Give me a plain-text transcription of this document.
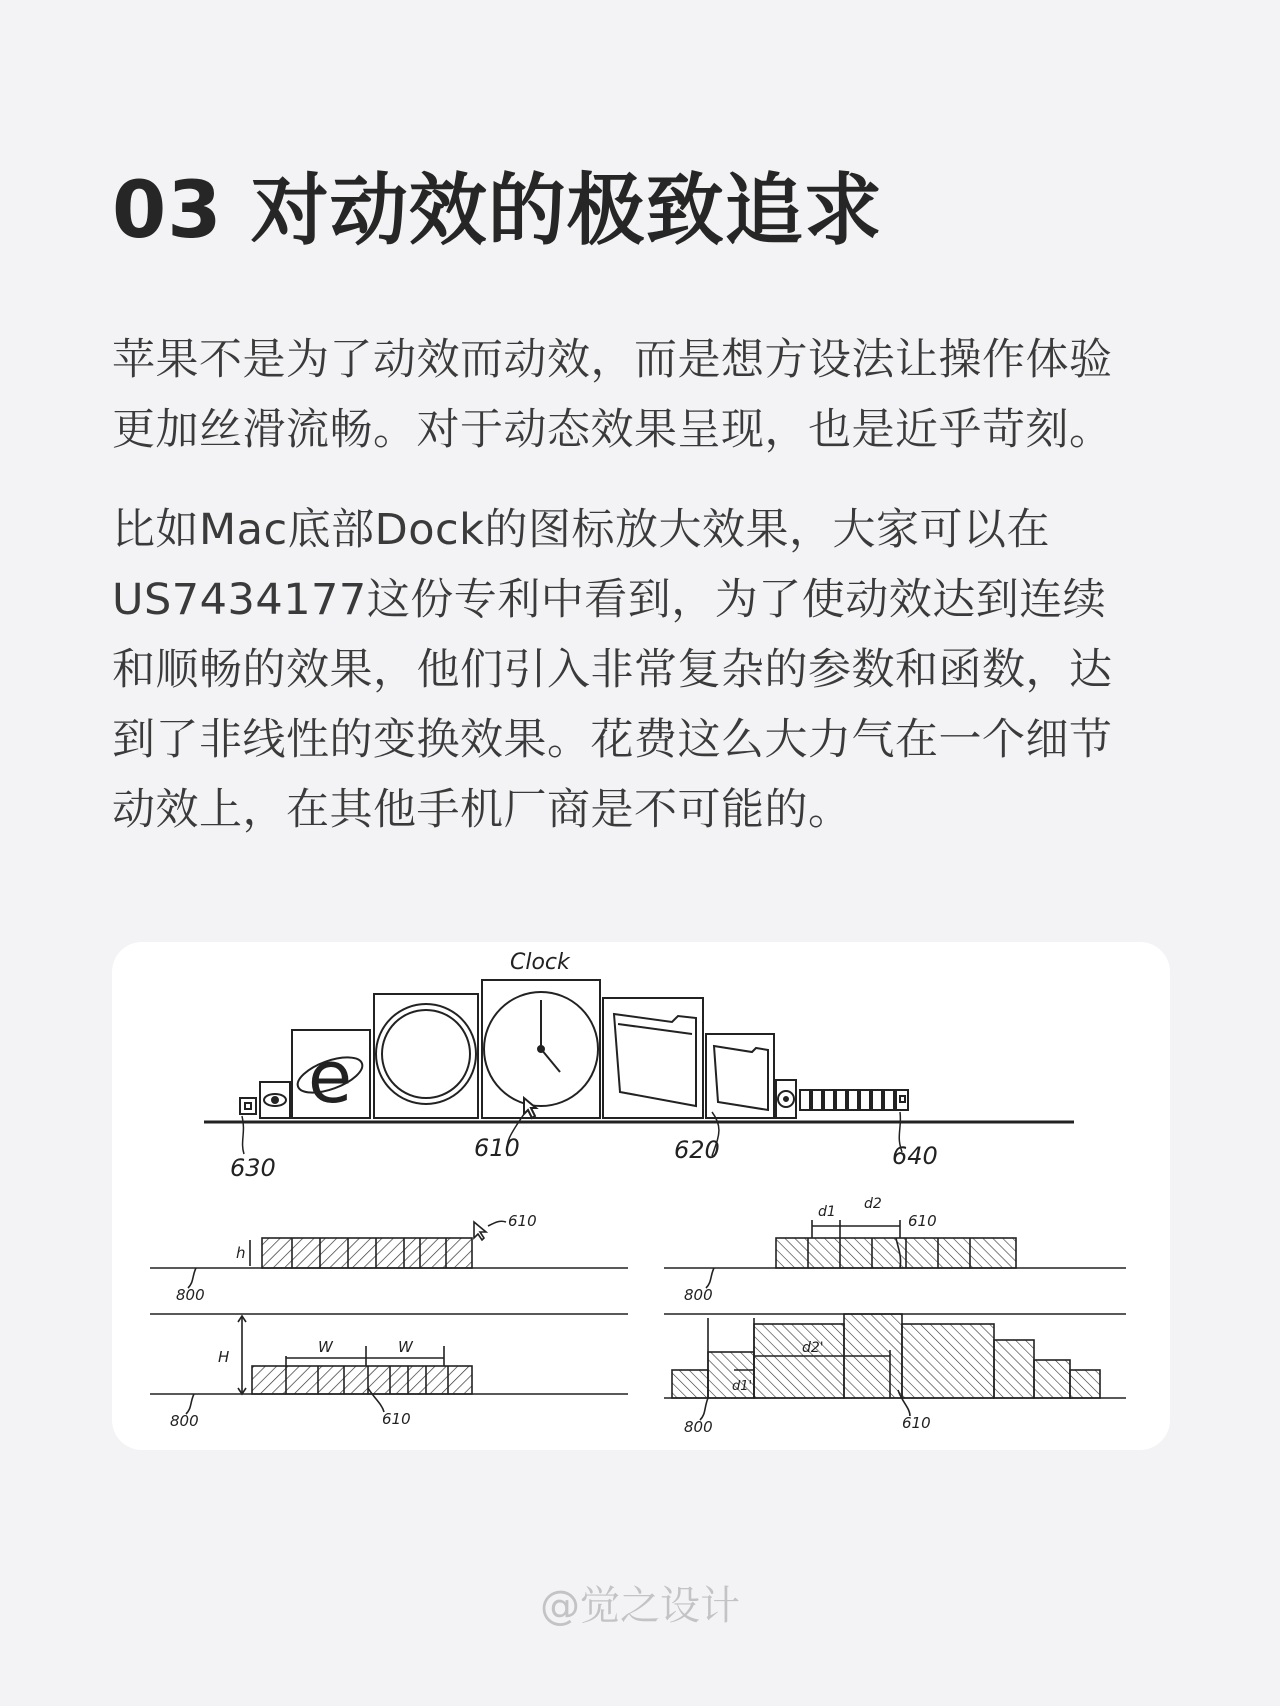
03 对动效的极致追求

苹果不是为了动效而动效，而是想方设法让操作体验
更加丝滑流畅。对于动态效果呈现，也是近乎苛刻。

比如Mac底部Dock的图标放大效果，大家可以在
US7434177这份专利中看到，为了使动效达到连续
和顺畅的效果，他们引入非常复杂的参数和函数，达
到了非线性的变换效果。花费这么大力气在一个细节
动效上，在其他手机厂商是不可能的。

e
Clock
630
610	620	640
h
610
800
H
W	W
800	610
d1 d2
610
800
d2'
d1'
800	610
@觉之设计
